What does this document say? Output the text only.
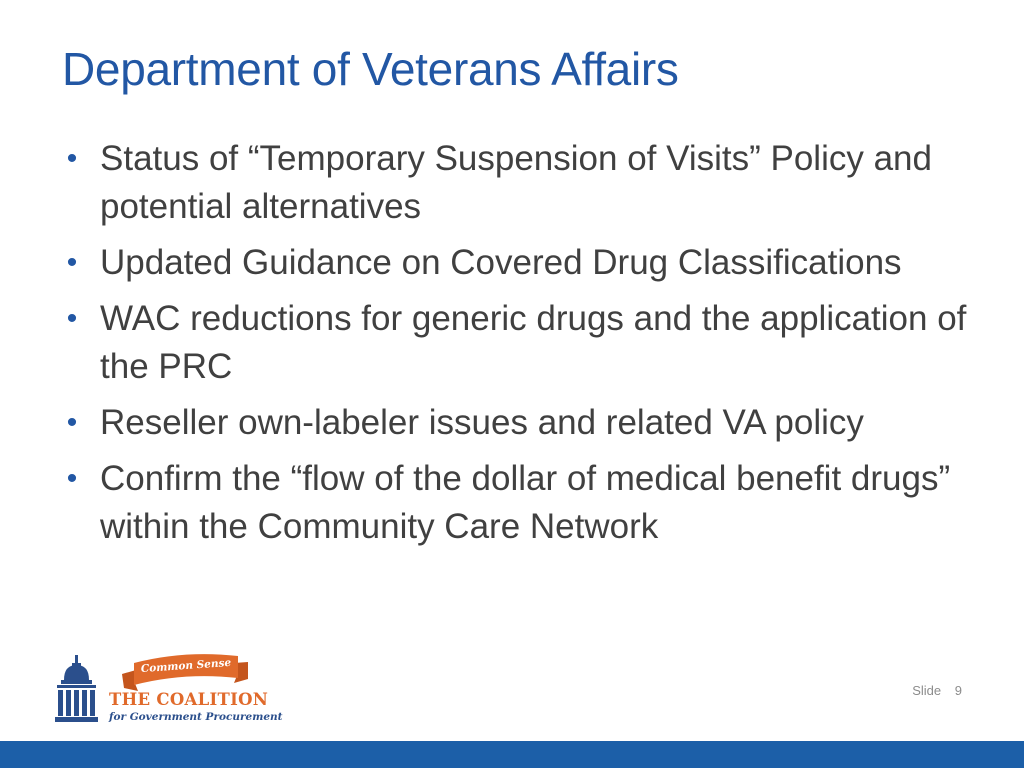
Department of Veterans Affairs
• Status of “Temporary Suspension of Visits” Policy and potential alternatives
• Updated Guidance on Covered Drug Classifications
• WAC reductions for generic drugs and the application of the PRC
• Reseller own-labeler issues and related VA policy
• Confirm the “flow of the dollar of medical benefit drugs” within the Community Care Network
Common Sense
THE COALITION
for Government Procurement
Slide 9
